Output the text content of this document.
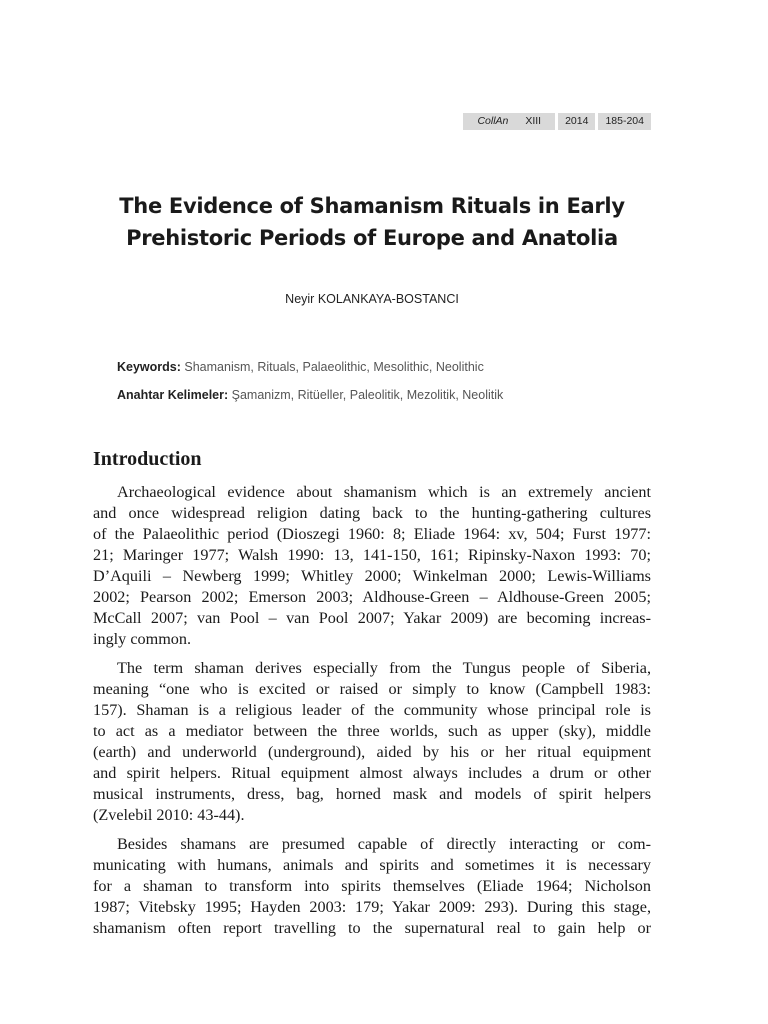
CollAn XIII	2014	185-204
The Evidence of Shamanism Rituals in Early
Prehistoric Periods of Europe and Anatolia
Neyir KOLANKAYA-BOSTANCI
Keywords: Shamanism, Rituals, Palaeolithic, Mesolithic, Neolithic
Anahtar Kelimeler: Şamanizm, Ritüeller, Paleolitik, Mezolitik, Neolitik
Introduction
Archaeological evidence about shamanism which is an extremely ancient
and once widespread religion dating back to the hunting-gathering cultures
of the Palaeolithic period (Dioszegi 1960: 8; Eliade 1964: xv, 504; Furst 1977:
21; Maringer 1977; Walsh 1990: 13, 141-150, 161; Ripinsky-Naxon 1993: 70;
D’Aquili – Newberg 1999; Whitley 2000; Winkelman 2000; Lewis-Williams
2002; Pearson 2002; Emerson 2003; Aldhouse-Green – Aldhouse-Green 2005;
McCall 2007; van Pool – van Pool 2007; Yakar 2009) are becoming increas-
ingly common.
The term shaman derives especially from the Tungus people of Siberia,
meaning “one who is excited or raised or simply to know (Campbell 1983:
157). Shaman is a religious leader of the community whose principal role is
to act as a mediator between the three worlds, such as upper (sky), middle
(earth) and underworld (underground), aided by his or her ritual equipment
and spirit helpers. Ritual equipment almost always includes a drum or other
musical instruments, dress, bag, horned mask and models of spirit helpers
(Zvelebil 2010: 43-44).
Besides shamans are presumed capable of directly interacting or com-
municating with humans, animals and spirits and sometimes it is necessary
for a shaman to transform into spirits themselves (Eliade 1964; Nicholson
1987; Vitebsky 1995; Hayden 2003: 179; Yakar 2009: 293). During this stage,
shamanism often report travelling to the supernatural real to gain help or
